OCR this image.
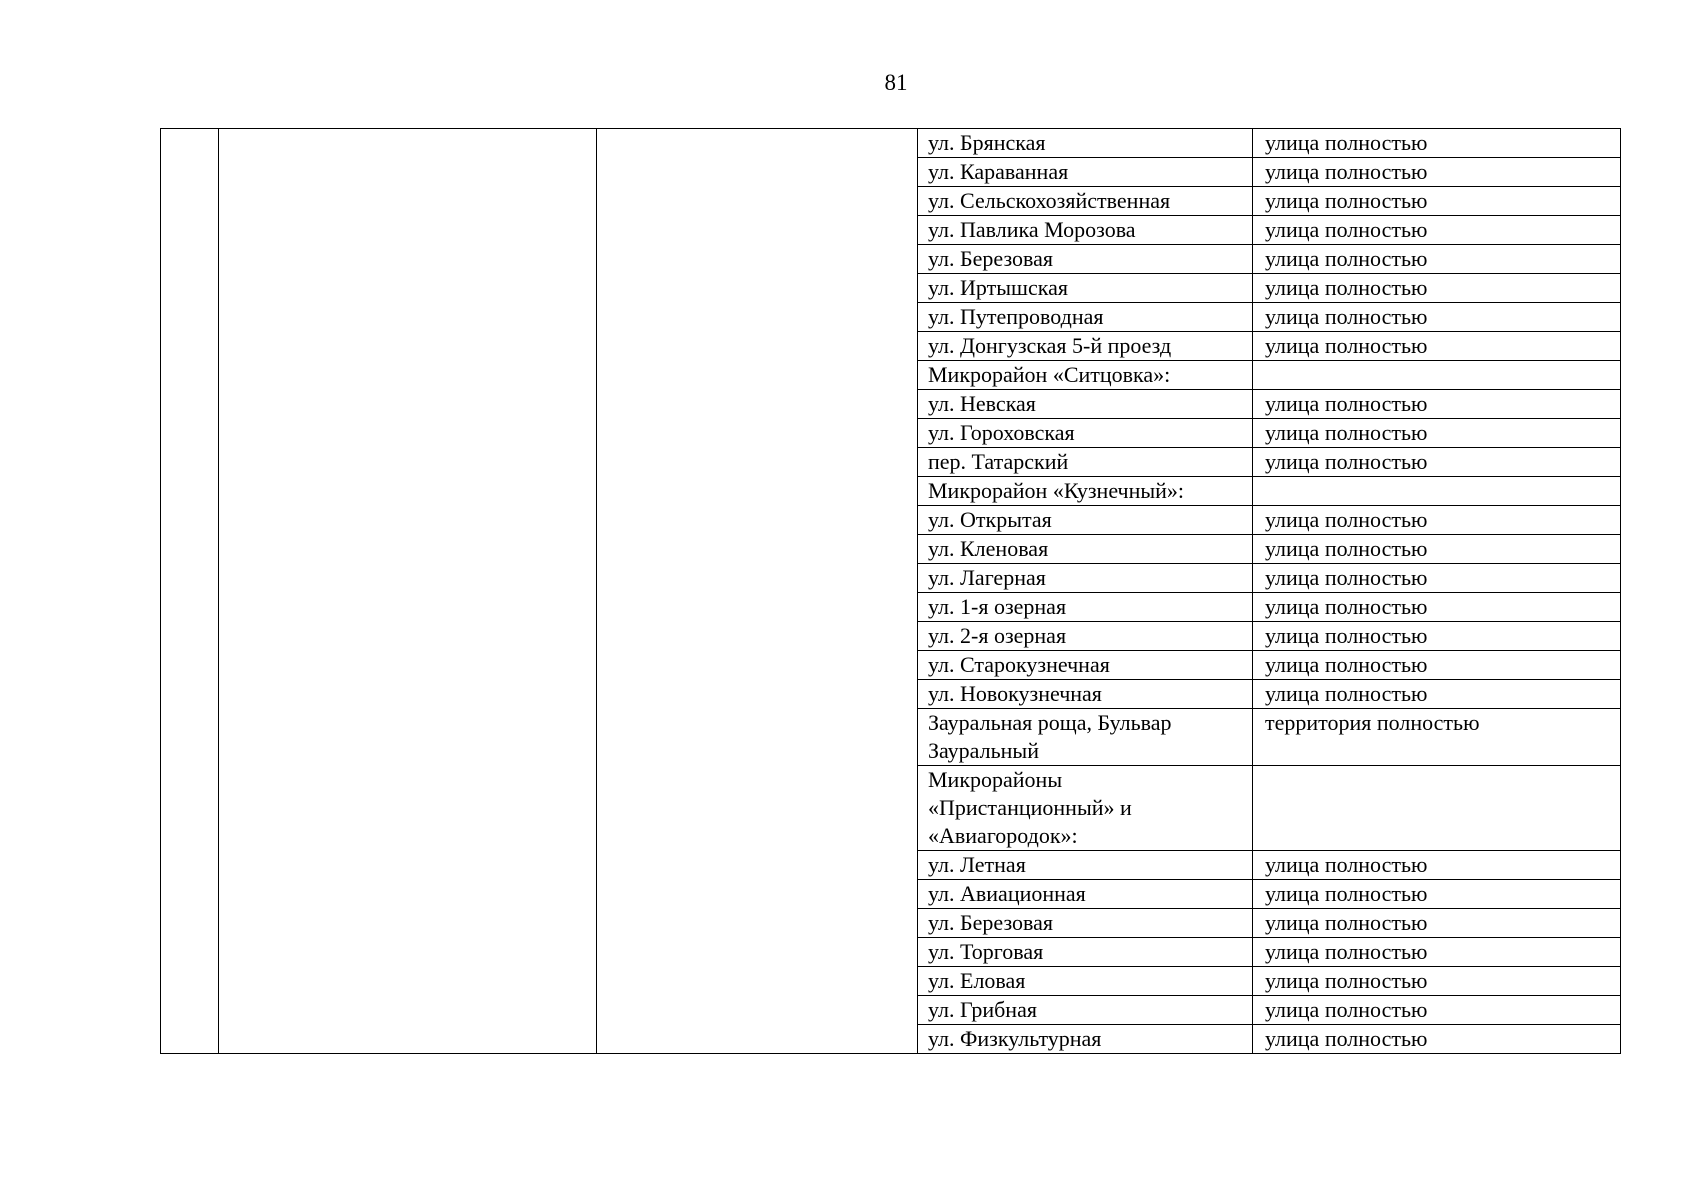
81
			ул. Брянская	улица полностью
			ул. Караванная	улица полностью
			ул. Сельскохозяйственная	улица полностью
			ул. Павлика Морозова	улица полностью
			ул. Березовая	улица полностью
			ул. Иртышская	улица полностью
			ул. Путепроводная	улица полностью
			ул. Донгузская 5-й проезд	улица полностью
			Микрорайон «Ситцовка»:	
			ул. Невская	улица полностью
			ул. Гороховская	улица полностью
			пер. Татарский	улица полностью
			Микрорайон «Кузнечный»:	
			ул. Открытая	улица полностью
			ул. Кленовая	улица полностью
			ул. Лагерная	улица полностью
			ул. 1-я озерная	улица полностью
			ул. 2-я озерная	улица полностью
			ул. Старокузнечная	улица полностью
			ул. Новокузнечная	улица полностью
			Зауральная роща, Бульвар Зауральный	территория полностью
			Микрорайоны «Пристанционный» и «Авиагородок»:	
			ул. Летная	улица полностью
			ул. Авиационная	улица полностью
			ул. Березовая	улица полностью
			ул. Торговая	улица полностью
			ул. Еловая	улица полностью
			ул. Грибная	улица полностью
			ул. Физкультурная	улица полностью
